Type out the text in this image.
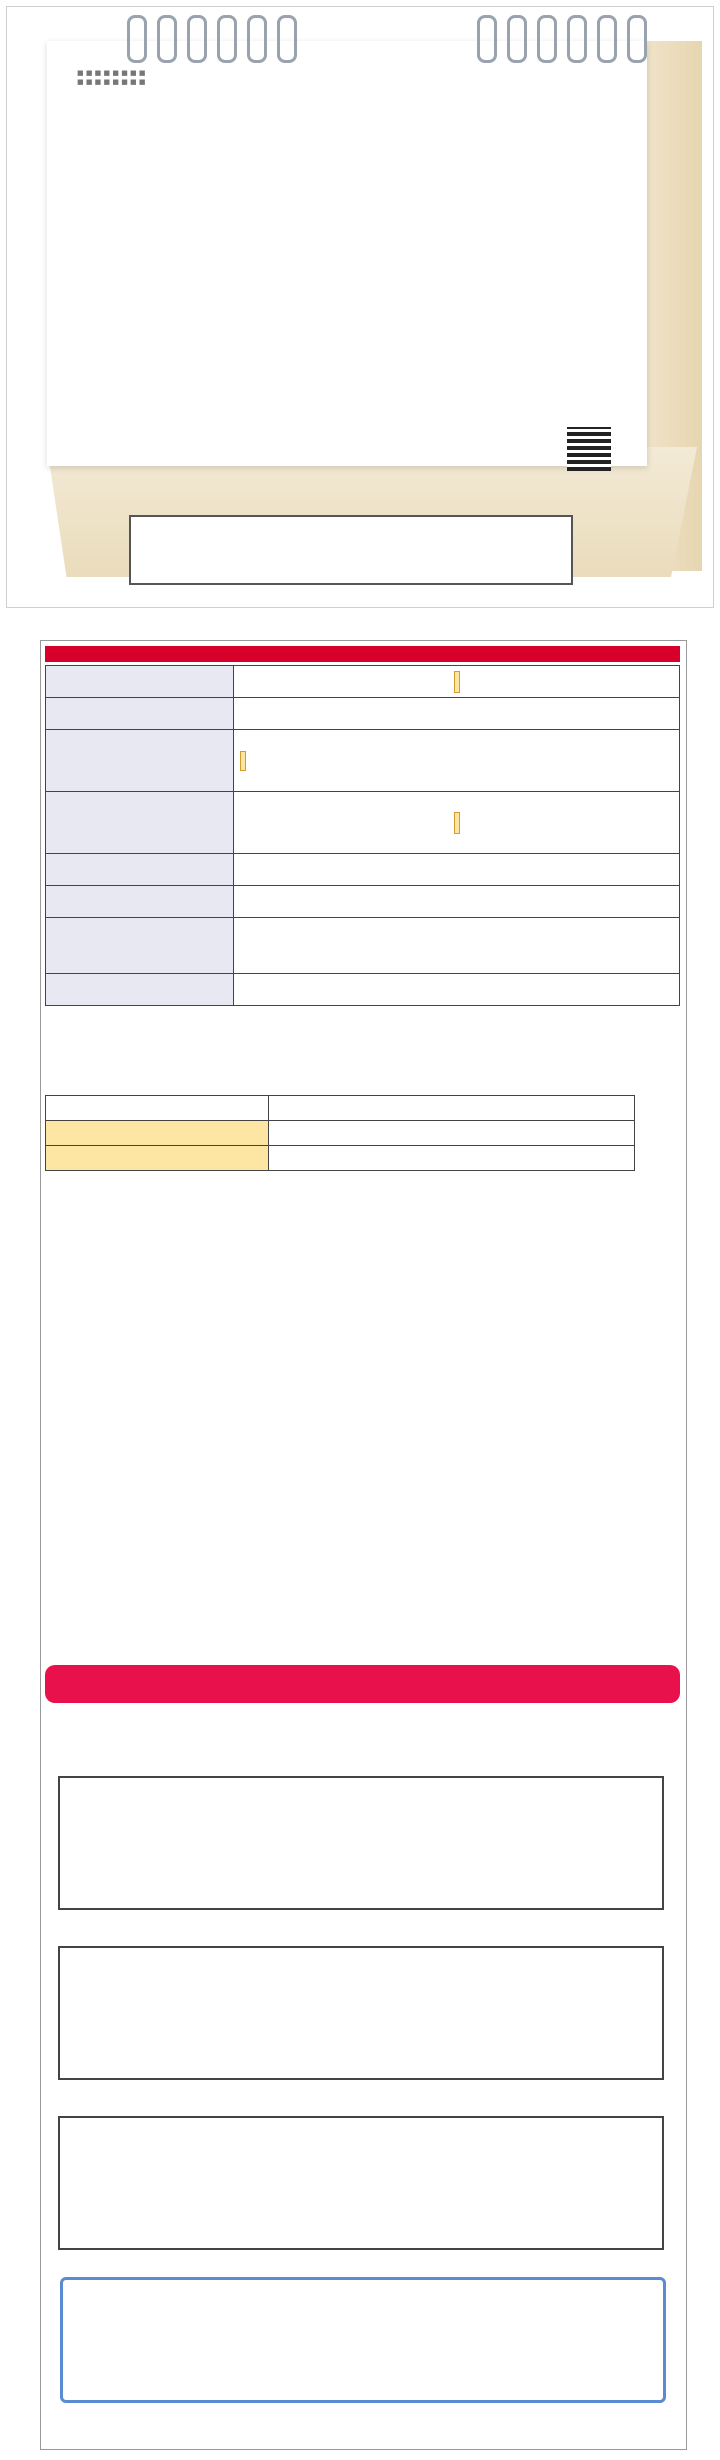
■ ■ ■ ■ ■ ■ ■ ■
■ ■ ■ ■ ■ ■ ■ ■
